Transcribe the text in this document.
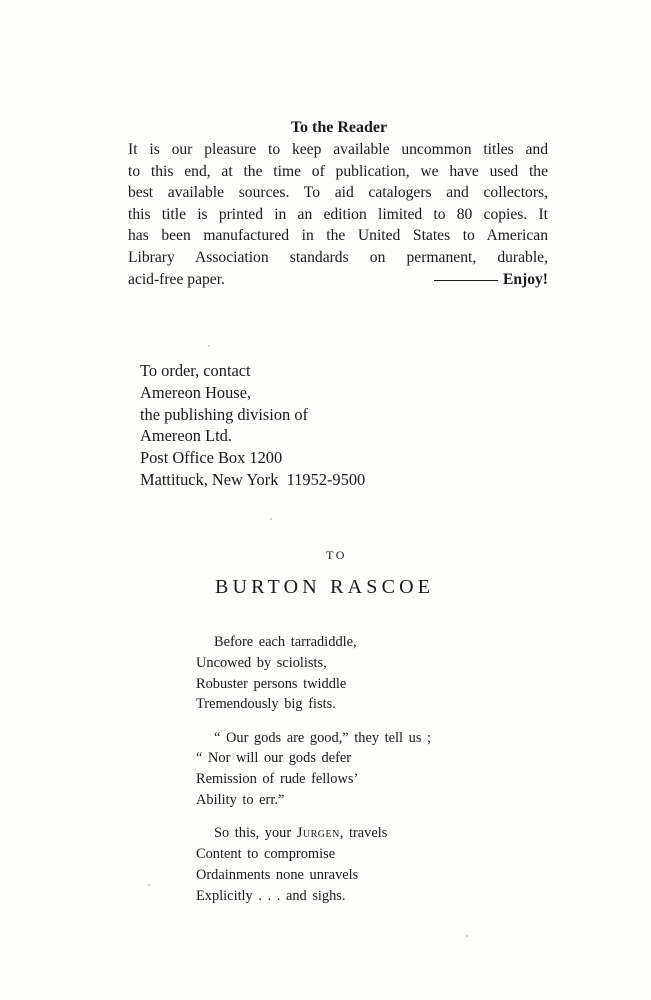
To the Reader
It is our pleasure to keep available uncommon titles and
to this end, at the time of publication, we have used the
best available sources. To aid catalogers and collectors,
this title is printed in an edition limited to 80 copies. It
has been manufactured in the United States to American
Library Association standards on permanent, durable,
acid-free paper.	Enjoy!
To order, contact
Amereon House,
the publishing division of
Amereon Ltd.
Post Office Box 1200
Mattituck, New York  11952-9500
TO
BURTON RASCOE
Before each tarradiddle,
Uncowed by sciolists,
Robuster persons twiddle
Tremendously big fists.
“ Our gods are good,” they tell us ;
“ Nor will our gods defer
Remission of rude fellows’
Ability to err.”
So this, your Jurgen, travels
Content to compromise
Ordainments none unravels
Explicitly . . . and sighs.
